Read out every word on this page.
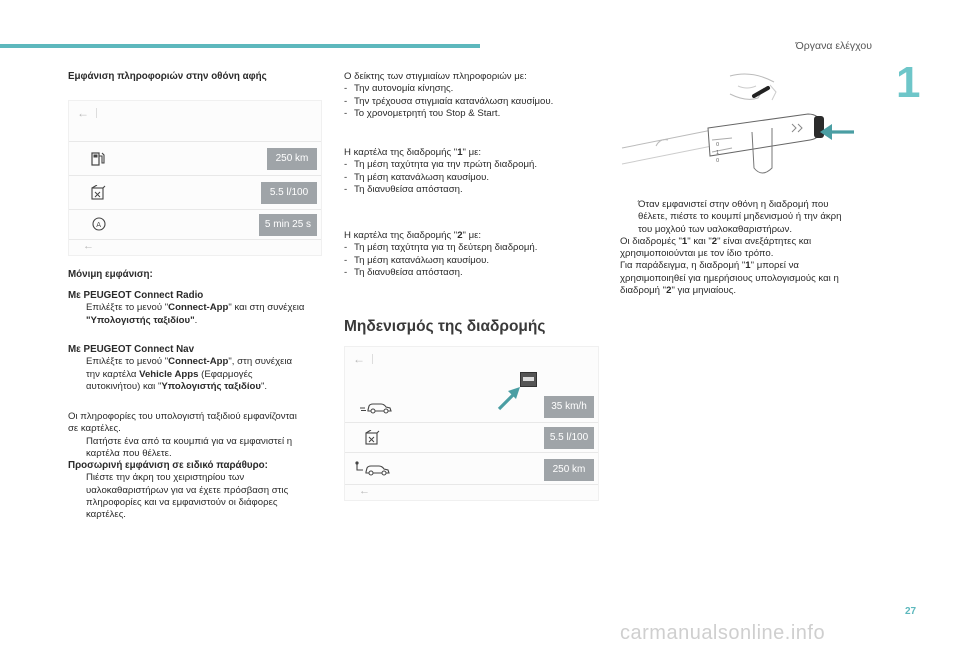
Όργανα ελέγχου
1
Εμφάνιση πληροφοριών στην οθόνη αφής
←
250 km
5.5 l/100
A	5 min 25 s
←
Μόνιμη εμφάνιση:

Με PEUGEOT Connect Radio

Επιλέξτε το μενού "Connect-App" και στη συνέχεια
"Υπολογιστής ταξιδίου".

Με PEUGEOT Connect Nav

Επιλέξτε το μενού "Connect-App", στη συνέχεια
την καρτέλα Vehicle Apps (Εφαρμογές
αυτοκινήτου) και "Υπολογιστής ταξιδίου".

Οι πληροφορίες του υπολογιστή ταξιδιού εμφανίζονται

σε καρτέλες.

Πατήστε ένα από τα κουμπιά για να εμφανιστεί η
καρτέλα που θέλετε.

Προσωρινή εμφάνιση σε ειδικό παράθυρο:

Πιέστε την άκρη του χειριστηρίου των
υαλοκαθαριστήρων για να έχετε πρόσβαση στις
πληροφορίες και να εμφανιστούν οι διάφορες
καρτέλες.

Ο δείκτης των στιγμιαίων πληροφοριών με:

- Την αυτονομία κίνησης.
- Την τρέχουσα στιγμιαία κατανάλωση καυσίμου.
- Το χρονομετρητή του Stop & Start.

Η καρτέλα της διαδρομής "1" με:

- Τη μέση ταχύτητα για την πρώτη διαδρομή.
- Τη μέση κατανάλωση καυσίμου.
- Τη διανυθείσα απόσταση.

Η καρτέλα της διαδρομής "2" με:

- Τη μέση ταχύτητα για τη δεύτερη διαδρομή.
- Τη μέση κατανάλωση καυσίμου.
- Τη διανυθείσα απόσταση.
Μηδενισμός της διαδρομής
←
35 km/h
5.5 l/100
250 km
←
0
1
0
Όταν εμφανιστεί στην οθόνη η διαδρομή που
θέλετε, πιέστε το κουμπί μηδενισμού ή την άκρη
του μοχλού των υαλοκαθαριστήρων.

Οι διαδρομές "1" και "2" είναι ανεξάρτητες και

χρησιμοποιούνται με τον ίδιο τρόπο.

Για παράδειγμα, η διαδρομή "1" μπορεί να

χρησιμοποιηθεί για ημερήσιους υπολογισμούς και η

διαδρομή "2" για μηνιαίους.

27
carmanualsonline.info
